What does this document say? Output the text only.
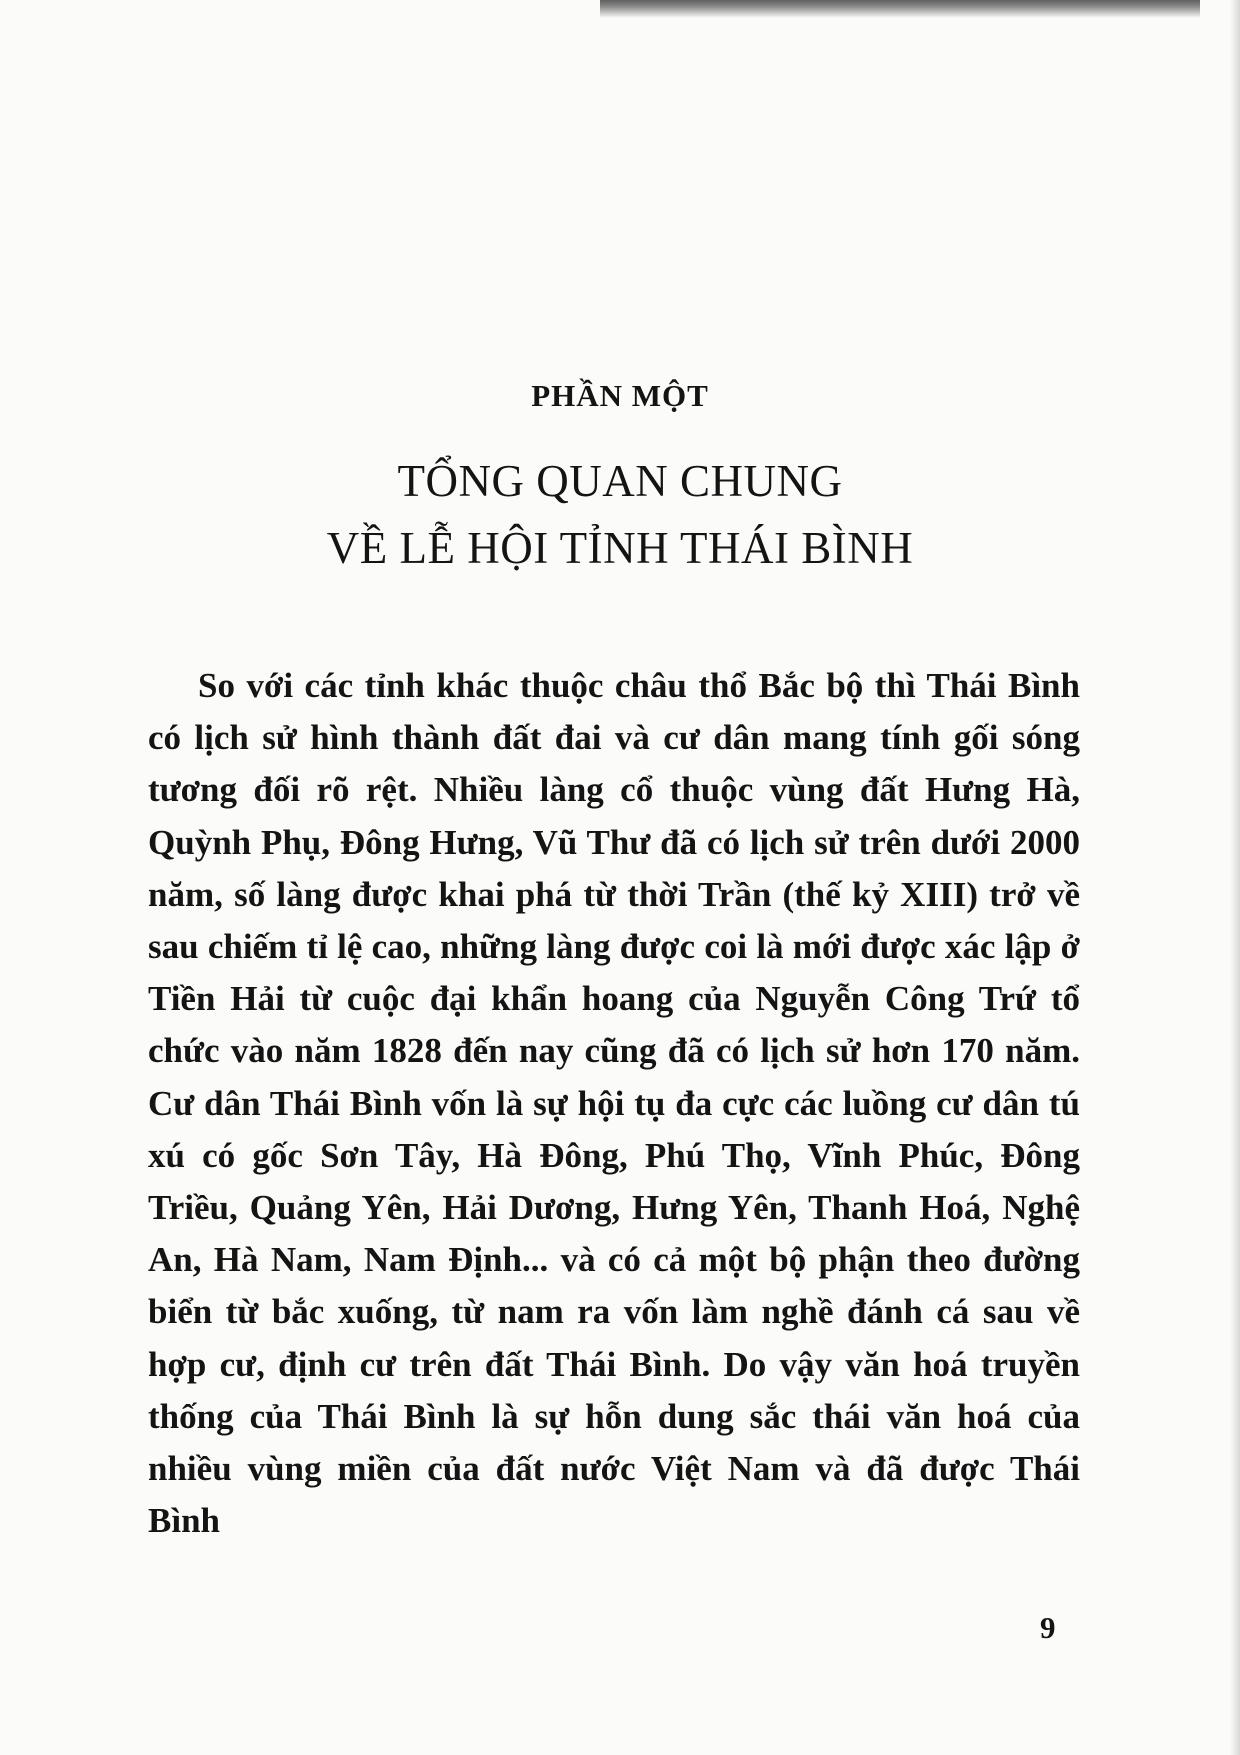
PHẦN MỘT
TỔNG QUAN CHUNG
VỀ LỄ HỘI TỈNH THÁI BÌNH

So với các tỉnh khác thuộc châu thổ Bắc bộ thì Thái Bình có lịch sử hình thành đất đai và cư dân mang tính gối sóng tương đối rõ rệt. Nhiều làng cổ thuộc vùng đất Hưng Hà, Quỳnh Phụ, Đông Hưng, Vũ Thư đã có lịch sử trên dưới 2000 năm, số làng được khai phá từ thời Trần (thế kỷ XIII) trở về sau chiếm tỉ lệ cao, những làng được coi là mới được xác lập ở Tiền Hải từ cuộc đại khẩn hoang của Nguyễn Công Trứ tổ chức vào năm 1828 đến nay cũng đã có lịch sử hơn 170 năm. Cư dân Thái Bình vốn là sự hội tụ đa cực các luồng cư dân tú xú có gốc Sơn Tây, Hà Đông, Phú Thọ, Vĩnh Phúc, Đông Triều, Quảng Yên, Hải Dương, Hưng Yên, Thanh Hoá, Nghệ An, Hà Nam, Nam Định... và có cả một bộ phận theo đường biển từ bắc xuống, từ nam ra vốn làm nghề đánh cá sau về hợp cư, định cư trên đất Thái Bình. Do vậy văn hoá truyền thống của Thái Bình là sự hỗn dung sắc thái văn hoá của nhiều vùng miền của đất nước Việt Nam và đã được Thái Bình

9
